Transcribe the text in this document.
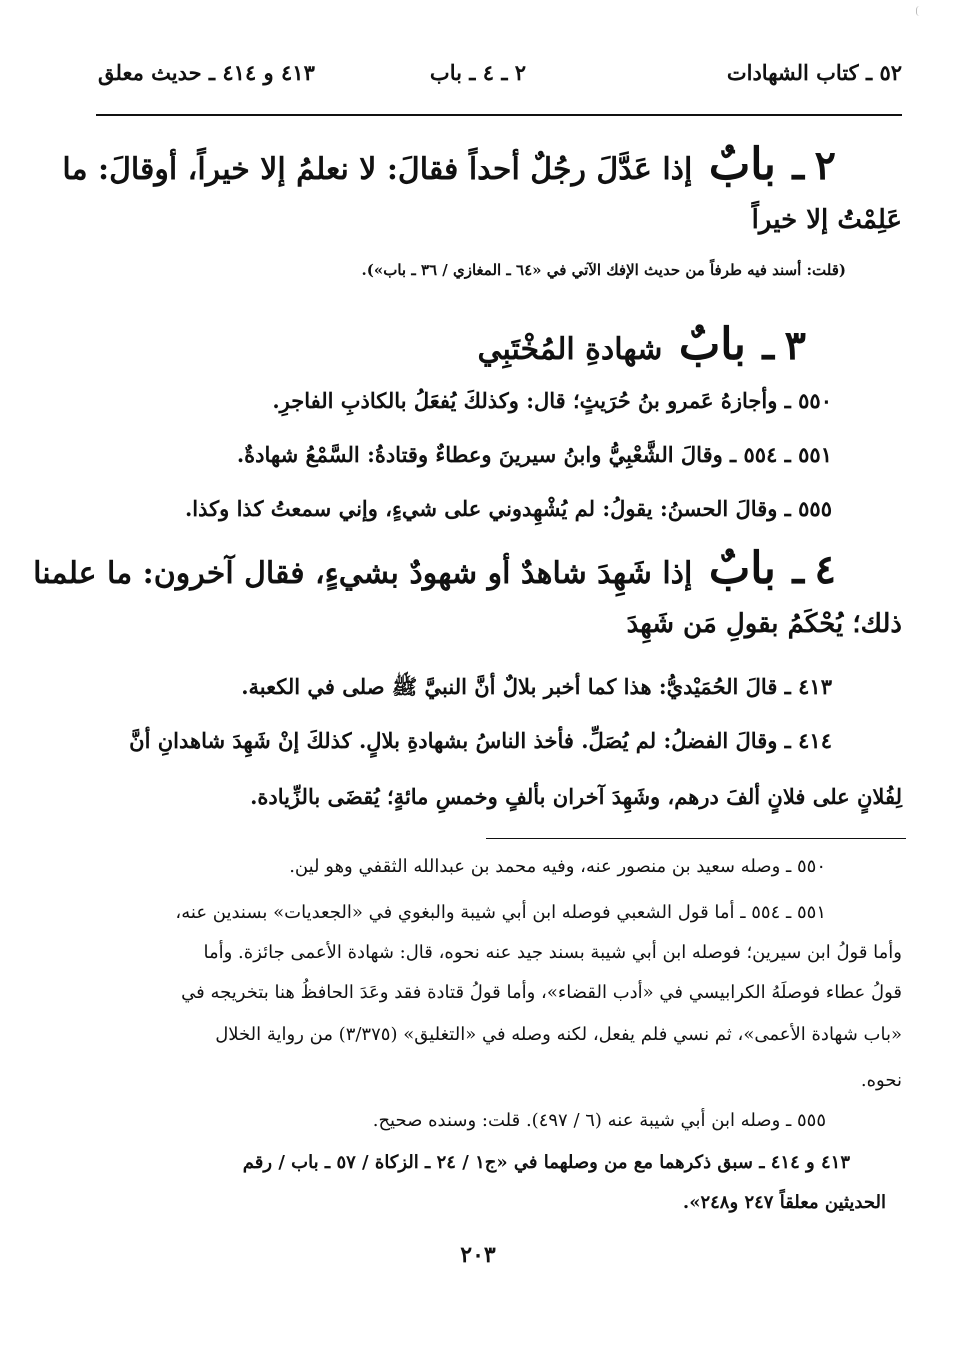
٥٢ ـ كتاب الشهادات
٢ ـ ٤ ـ باب
٤١٣ و ٤١٤ ـ حديث معلق
٢ ـ بابٌ إذا عَدَّلَ رجُلٌ أحداً فقالَ: لا نعلمُ إلا خيراً، أوقالَ: ما
عَلِمْتُ إلا خيراً
(قلت: أسند فيه طرفاً من حديث الإفك الآتي في «٦٤ ـ المغازي / ٣٦ ـ باب»).
٣ ـ بابٌ شهادةِ المُخْتَبِي
٥٥٠ ـ وأجازهُ عَمرو بنُ حُرَيثٍ؛ قال: وكذلكَ يُفعَلُ بالكاذبِ الفاجرِ.
٥٥١ ـ ٥٥٤ ـ وقالَ الشَّعْبِيُّ وابنُ سيرينَ وعطاءٌ وقتادةُ: السَّمْعُ شهادةٌ.
٥٥٥ ـ وقالَ الحسنُ: يقولُ: لم يُشْهِدوني على شيءٍ، وإني سمعتُ كذا وكذا.
٤ ـ بابٌ إذا شَهِدَ شاهدٌ أو شهودٌ بشيءٍ، فقال آخرون: ما علمنا
ذلك؛ يُحْكَمُ بقولِ مَن شَهِدَ
٤١٣ ـ قالَ الحُمَيْديُّ: هذا كما أخبر بلالٌ أنَّ النبيَّ ﷺ صلى في الكعبة.
٤١٤ ـ وقالَ الفضلُ: لم يُصَلِّ. فأخذ الناسُ بشهادةِ بلالٍ. كذلكَ إنْ شَهِدَ شاهدانِ أنَّ
لِفُلانٍ على فلانٍ ألفَ درهم، وشَهِدَ آخران بألفٍ وخمسِ مائةٍ؛ يُقضَى بالزِّيادة.
٥٥٠ ـ وصله سعيد بن منصور عنه، وفيه محمد بن عبدالله الثقفي وهو لين.
٥٥١ ـ ٥٥٤ ـ أما قول الشعبي فوصله ابن أبي شيبة والبغوي في «الجعديات» بسندين عنه،
وأما قولُ ابن سيرين؛ فوصله ابن أبي شيبة بسند جيد عنه نحوه، قال: شهادة الأعمى جائزة. وأما
قولُ عطاء فوصلَهُ الكرابيسي في «أدب القضاء»، وأما قولُ قتادة فقد وعَدَ الحافظُ هنا بتخريجه في
«باب شهادة الأعمى»، ثم نسي فلم يفعل، لكنه وصله في «التغليق» (٣/٣٧٥) من رواية الخلال
نحوه.
٥٥٥ ـ وصله ابن أبي شيبة عنه (٦ / ٤٩٧). قلت: وسنده صحيح.
٤١٣ و ٤١٤ ـ سبق ذكرهما مع من وصلهما في «ج١ / ٢٤ ـ الزكاة / ٥٧ ـ باب / رقم
الحديثين معلقاً ٢٤٧ و٢٤٨».
٢٠٣
